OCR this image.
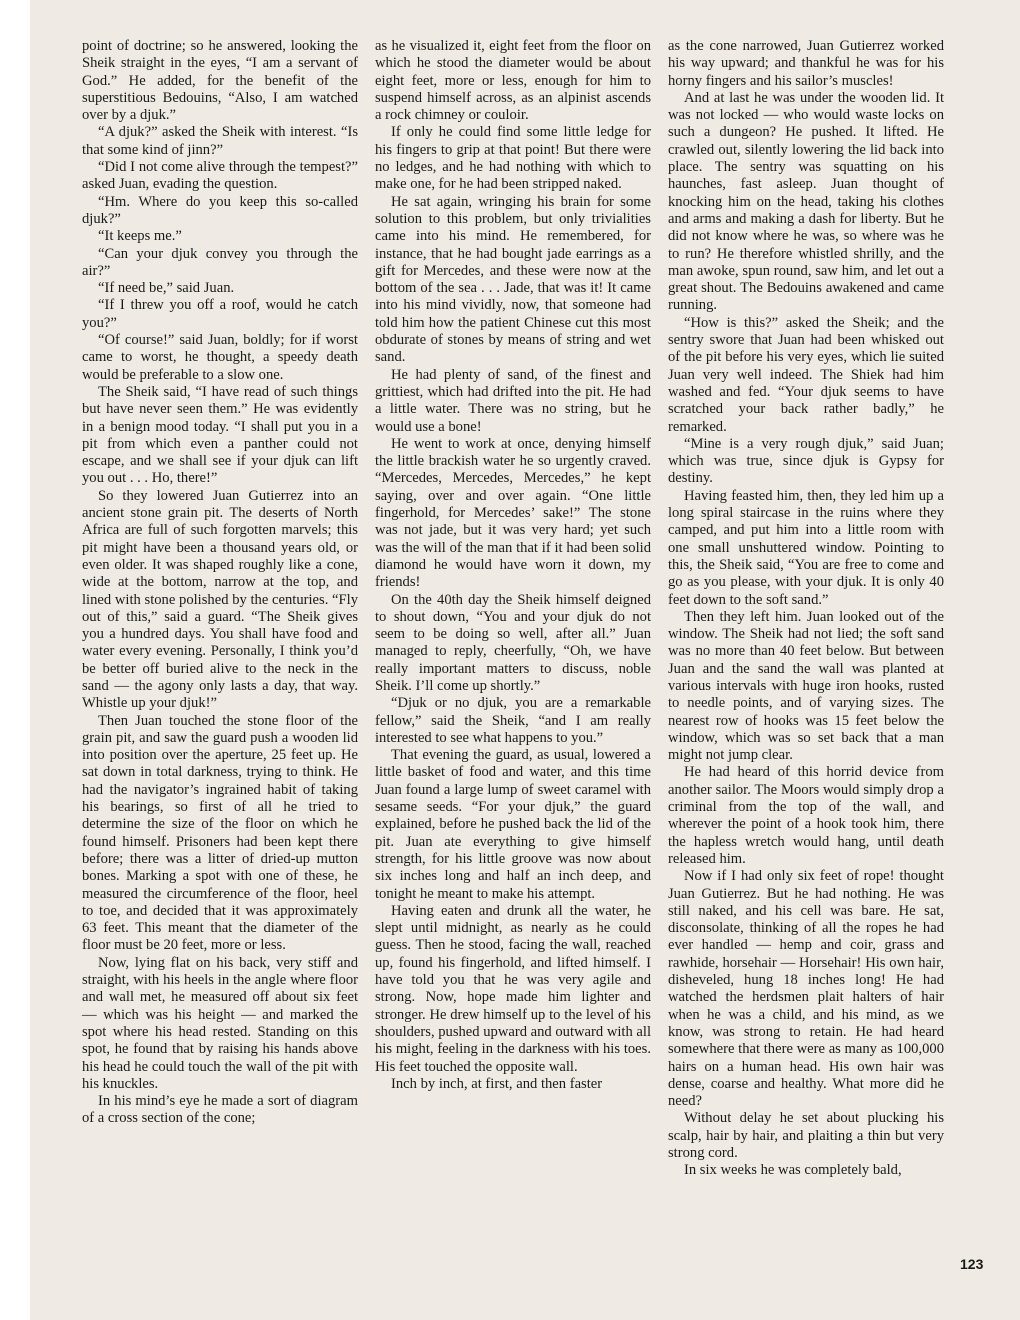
point of doctrine; so he answered, looking the Sheik straight in the eyes, “I am a servant of God.” He added, for the benefit of the superstitious Bedouins, “Also, I am watched over by a djuk.”

“A djuk?” asked the Sheik with interest. “Is that some kind of jinn?”

“Did I not come alive through the tempest?” asked Juan, evading the question.

“Hm. Where do you keep this so-called djuk?”

“It keeps me.”

“Can your djuk convey you through the air?”

“If need be,” said Juan.

“If I threw you off a roof, would he catch you?”

“Of course!” said Juan, boldly; for if worst came to worst, he thought, a speedy death would be preferable to a slow one.

The Sheik said, “I have read of such things but have never seen them.” He was evidently in a benign mood today. “I shall put you in a pit from which even a panther could not escape, and we shall see if your djuk can lift you out . . . Ho, there!”

So they lowered Juan Gutierrez into an ancient stone grain pit. The deserts of North Africa are full of such forgotten marvels; this pit might have been a thousand years old, or even older. It was shaped roughly like a cone, wide at the bottom, narrow at the top, and lined with stone polished by the centuries. “Fly out of this,” said a guard. “The Sheik gives you a hundred days. You shall have food and water every evening. Personally, I think you’d be better off buried alive to the neck in the sand — the agony only lasts a day, that way. Whistle up your djuk!”

Then Juan touched the stone floor of the grain pit, and saw the guard push a wooden lid into position over the aperture, 25 feet up. He sat down in total darkness, trying to think. He had the navigator’s ingrained habit of taking his bearings, so first of all he tried to determine the size of the floor on which he found himself. Prisoners had been kept there before; there was a litter of dried-up mutton bones. Marking a spot with one of these, he measured the circumference of the floor, heel to toe, and decided that it was approximately 63 feet. This meant that the diameter of the floor must be 20 feet, more or less.

Now, lying flat on his back, very stiff and straight, with his heels in the angle where floor and wall met, he measured off about six feet — which was his height — and marked the spot where his head rested. Standing on this spot, he found that by raising his hands above his head he could touch the wall of the pit with his knuckles.

In his mind’s eye he made a sort of diagram of a cross section of the cone;

as he visualized it, eight feet from the floor on which he stood the diameter would be about eight feet, more or less, enough for him to suspend himself across, as an alpinist ascends a rock chimney or couloir.

If only he could find some little ledge for his fingers to grip at that point! But there were no ledges, and he had nothing with which to make one, for he had been stripped naked.

He sat again, wringing his brain for some solution to this problem, but only trivialities came into his mind. He remembered, for instance, that he had bought jade earrings as a gift for Mercedes, and these were now at the bottom of the sea . . . Jade, that was it! It came into his mind vividly, now, that someone had told him how the patient Chinese cut this most obdurate of stones by means of string and wet sand.

He had plenty of sand, of the finest and grittiest, which had drifted into the pit. He had a little water. There was no string, but he would use a bone!

He went to work at once, denying himself the little brackish water he so urgently craved. “Mercedes, Mercedes, Mercedes,” he kept saying, over and over again. “One little fingerhold, for Mercedes’ sake!” The stone was not jade, but it was very hard; yet such was the will of the man that if it had been solid diamond he would have worn it down, my friends!

On the 40th day the Sheik himself deigned to shout down, “You and your djuk do not seem to be doing so well, after all.” Juan managed to reply, cheerfully, “Oh, we have really important matters to discuss, noble Sheik. I’ll come up shortly.”

“Djuk or no djuk, you are a remarkable fellow,” said the Sheik, “and I am really interested to see what happens to you.”

That evening the guard, as usual, lowered a little basket of food and water, and this time Juan found a large lump of sweet caramel with sesame seeds. “For your djuk,” the guard explained, before he pushed back the lid of the pit. Juan ate everything to give himself strength, for his little groove was now about six inches long and half an inch deep, and tonight he meant to make his attempt.

Having eaten and drunk all the water, he slept until midnight, as nearly as he could guess. Then he stood, facing the wall, reached up, found his fingerhold, and lifted himself. I have told you that he was very agile and strong. Now, hope made him lighter and stronger. He drew himself up to the level of his shoulders, pushed upward and outward with all his might, feeling in the darkness with his toes. His feet touched the opposite wall.

Inch by inch, at first, and then faster

as the cone narrowed, Juan Gutierrez worked his way upward; and thankful he was for his horny fingers and his sailor’s muscles!

And at last he was under the wooden lid. It was not locked — who would waste locks on such a dungeon? He pushed. It lifted. He crawled out, silently lowering the lid back into place. The sentry was squatting on his haunches, fast asleep. Juan thought of knocking him on the head, taking his clothes and arms and making a dash for liberty. But he did not know where he was, so where was he to run? He therefore whistled shrilly, and the man awoke, spun round, saw him, and let out a great shout. The Bedouins awakened and came running.

“How is this?” asked the Sheik; and the sentry swore that Juan had been whisked out of the pit before his very eyes, which lie suited Juan very well indeed. The Shiek had him washed and fed. “Your djuk seems to have scratched your back rather badly,” he remarked.

“Mine is a very rough djuk,” said Juan; which was true, since djuk is Gypsy for destiny.

Having feasted him, then, they led him up a long spiral staircase in the ruins where they camped, and put him into a little room with one small unshuttered window. Pointing to this, the Sheik said, “You are free to come and go as you please, with your djuk. It is only 40 feet down to the soft sand.”

Then they left him. Juan looked out of the window. The Sheik had not lied; the soft sand was no more than 40 feet below. But between Juan and the sand the wall was planted at various intervals with huge iron hooks, rusted to needle points, and of varying sizes. The nearest row of hooks was 15 feet below the window, which was so set back that a man might not jump clear.

He had heard of this horrid device from another sailor. The Moors would simply drop a criminal from the top of the wall, and wherever the point of a hook took him, there the hapless wretch would hang, until death released him.

Now if I had only six feet of rope! thought Juan Gutierrez. But he had nothing. He was still naked, and his cell was bare. He sat, disconsolate, thinking of all the ropes he had ever handled — hemp and coir, grass and rawhide, horsehair — Horsehair! His own hair, disheveled, hung 18 inches long! He had watched the herdsmen plait halters of hair when he was a child, and his mind, as we know, was strong to retain. He had heard somewhere that there were as many as 100,000 hairs on a human head. His own hair was dense, coarse and healthy. What more did he need?

Without delay he set about plucking his scalp, hair by hair, and plaiting a thin but very strong cord.

In six weeks he was completely bald,

123
